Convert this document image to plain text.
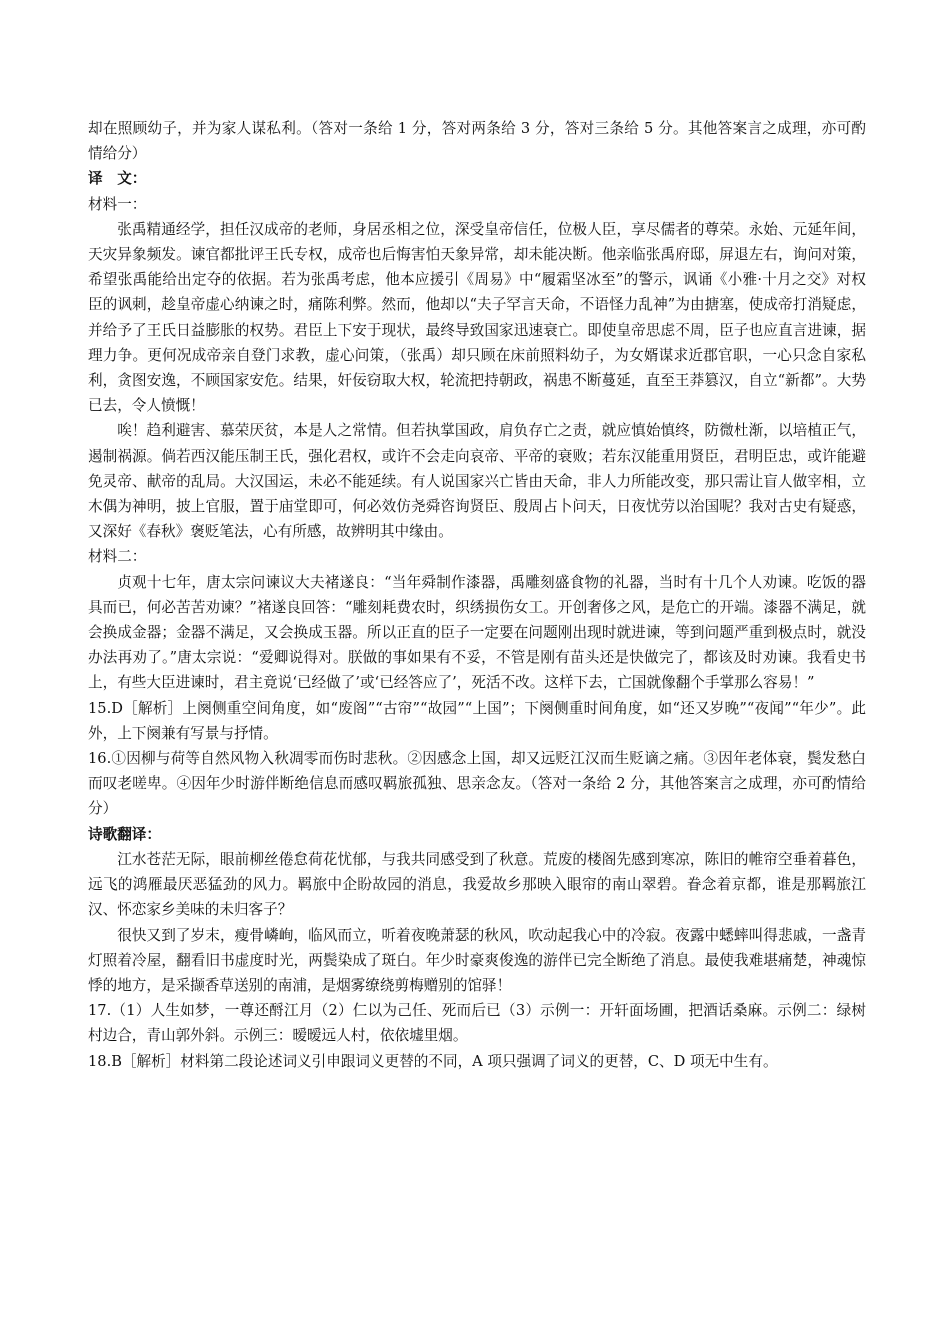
却在照顾幼子，并为家人谋私利。（答对一条给 1 分，答对两条给 3 分，答对三条给 5 分。其他答案言之成理，亦可酌情给分）

译　文：

材料一：

张禹精通经学，担任汉成帝的老师，身居丞相之位，深受皇帝信任，位极人臣，享尽儒者的尊荣。永始、元延年间，天灾异象频发。谏官都批评王氏专权，成帝也后悔害怕天象异常，却未能决断。他亲临张禹府邸，屏退左右，询问对策，希望张禹能给出定夺的依据。若为张禹考虑，他本应援引《周易》中“履霜坚冰至”的警示，讽诵《小雅·十月之交》对权臣的讽刺，趁皇帝虚心纳谏之时，痛陈利弊。然而，他却以“夫子罕言天命，不语怪力乱神”为由搪塞，使成帝打消疑虑，并给予了王氏日益膨胀的权势。君臣上下安于现状，最终导致国家迅速衰亡。即使皇帝思虑不周，臣子也应直言进谏，据理力争。更何况成帝亲自登门求教，虚心问策，（张禹）却只顾在床前照料幼子，为女婿谋求近郡官职，一心只念自家私利，贪图安逸，不顾国家安危。结果，奸佞窃取大权，轮流把持朝政，祸患不断蔓延，直至王莽篡汉，自立“新都”。大势已去，令人愤慨！

唉！趋利避害、慕荣厌贫，本是人之常情。但若执掌国政，肩负存亡之责，就应慎始慎终，防微杜渐，以培植正气，遏制祸源。倘若西汉能压制王氏，强化君权，或许不会走向哀帝、平帝的衰败；若东汉能重用贤臣，君明臣忠，或许能避免灵帝、献帝的乱局。大汉国运，未必不能延续。有人说国家兴亡皆由天命，非人力所能改变，那只需让盲人做宰相，立木偶为神明，披上官服，置于庙堂即可，何必效仿尧舜咨询贤臣、殷周占卜问天，日夜忧劳以治国呢？我对古史有疑惑，又深好《春秋》褒贬笔法，心有所感，故辨明其中缘由。

材料二：

贞观十七年，唐太宗问谏议大夫褚遂良：“当年舜制作漆器，禹雕刻盛食物的礼器，当时有十几个人劝谏。吃饭的器具而已，何必苦苦劝谏？”褚遂良回答：“雕刻耗费农时，织绣损伤女工。开创奢侈之风，是危亡的开端。漆器不满足，就会换成金器；金器不满足，又会换成玉器。所以正直的臣子一定要在问题刚出现时就进谏，等到问题严重到极点时，就没办法再劝了。”唐太宗说：“爱卿说得对。朕做的事如果有不妥，不管是刚有苗头还是快做完了，都该及时劝谏。我看史书上，有些大臣进谏时，君主竟说‘已经做了’或‘已经答应了’，死活不改。这样下去，亡国就像翻个手掌那么容易！”

15.D［解析］上阕侧重空间角度，如“废阁”“古帘”“故园”“上国”；下阕侧重时间角度，如“还又岁晚”“夜闻”“年少”。此外，上下阕兼有写景与抒情。

16.①因柳与荷等自然风物入秋凋零而伤时悲秋。②因感念上国，却又远贬江汉而生贬谪之痛。③因年老体衰，鬓发愁白而叹老嗟卑。④因年少时游伴断绝信息而感叹羁旅孤独、思亲念友。（答对一条给 2 分，其他答案言之成理，亦可酌情给分）

诗歌翻译：

江水苍茫无际，眼前柳丝倦怠荷花忧郁，与我共同感受到了秋意。荒废的楼阁先感到寒凉，陈旧的帷帘空垂着暮色，远飞的鸿雁最厌恶猛劲的风力。羁旅中企盼故园的消息，我爱故乡那映入眼帘的南山翠碧。眷念着京都，谁是那羁旅江汉、怀恋家乡美味的未归客子？

很快又到了岁末，瘦骨嶙峋，临风而立，听着夜晚萧瑟的秋风，吹动起我心中的冷寂。夜露中蟋蟀叫得悲戚，一盏青灯照着冷屋，翻看旧书虚度时光，两鬓染成了斑白。年少时豪爽俊逸的游伴已完全断绝了消息。最使我难堪痛楚，神魂惊悸的地方，是采撷香草送别的南浦，是烟雾缭绕剪梅赠别的馆驿！

17.（1）人生如梦，一尊还酹江月（2）仁以为己任、死而后已（3）示例一：开轩面场圃，把酒话桑麻。示例二：绿树村边合，青山郭外斜。示例三：暧暧远人村，依依墟里烟。

18.B［解析］材料第二段论述词义引申跟词义更替的不同，A 项只强调了词义的更替，C、D 项无中生有。
